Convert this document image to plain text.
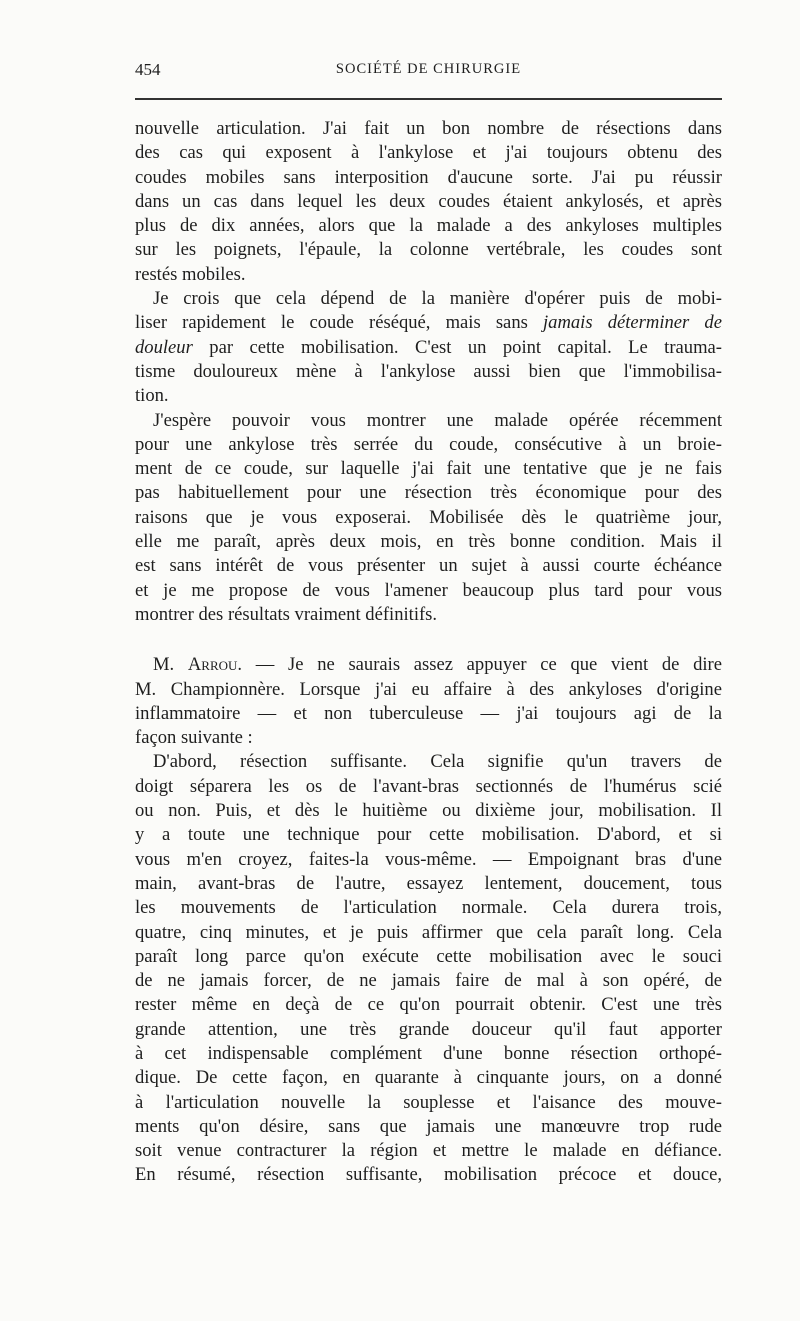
454	SOCIÉTÉ DE CHIRURGIE
nouvelle articulation. J'ai fait un bon nombre de résections dans
des cas qui exposent à l'ankylose et j'ai toujours obtenu des
coudes mobiles sans interposition d'aucune sorte. J'ai pu réussir
dans un cas dans lequel les deux coudes étaient ankylosés, et après
plus de dix années, alors que la malade a des ankyloses multiples
sur les poignets, l'épaule, la colonne vertébrale, les coudes sont
restés mobiles.
Je crois que cela dépend de la manière d'opérer puis de mobi-
liser rapidement le coude réséqué, mais sans jamais déterminer de
douleur par cette mobilisation. C'est un point capital. Le trauma-
tisme douloureux mène à l'ankylose aussi bien que l'immobilisa-
tion.
J'espère pouvoir vous montrer une malade opérée récemment
pour une ankylose très serrée du coude, consécutive à un broie-
ment de ce coude, sur laquelle j'ai fait une tentative que je ne fais
pas habituellement pour une résection très économique pour des
raisons que je vous exposerai. Mobilisée dès le quatrième jour,
elle me paraît, après deux mois, en très bonne condition. Mais il
est sans intérêt de vous présenter un sujet à aussi courte échéance
et je me propose de vous l'amener beaucoup plus tard pour vous
montrer des résultats vraiment définitifs.
M. Arrou. — Je ne saurais assez appuyer ce que vient de dire
M. Championnère. Lorsque j'ai eu affaire à des ankyloses d'origine
inflammatoire — et non tuberculeuse — j'ai toujours agi de la
façon suivante :
D'abord, résection suffisante. Cela signifie qu'un travers de
doigt séparera les os de l'avant-bras sectionnés de l'humérus scié
ou non. Puis, et dès le huitième ou dixième jour, mobilisation. Il
y a toute une technique pour cette mobilisation. D'abord, et si
vous m'en croyez, faites-la vous-même. — Empoignant bras d'une
main, avant-bras de l'autre, essayez lentement, doucement, tous
les mouvements de l'articulation normale. Cela durera trois,
quatre, cinq minutes, et je puis affirmer que cela paraît long. Cela
paraît long parce qu'on exécute cette mobilisation avec le souci
de ne jamais forcer, de ne jamais faire de mal à son opéré, de
rester même en deçà de ce qu'on pourrait obtenir. C'est une très
grande attention, une très grande douceur qu'il faut apporter
à cet indispensable complément d'une bonne résection orthopé-
dique. De cette façon, en quarante à cinquante jours, on a donné
à l'articulation nouvelle la souplesse et l'aisance des mouve-
ments qu'on désire, sans que jamais une manœuvre trop rude
soit venue contracturer la région et mettre le malade en défiance.
En résumé, résection suffisante, mobilisation précoce et douce,
